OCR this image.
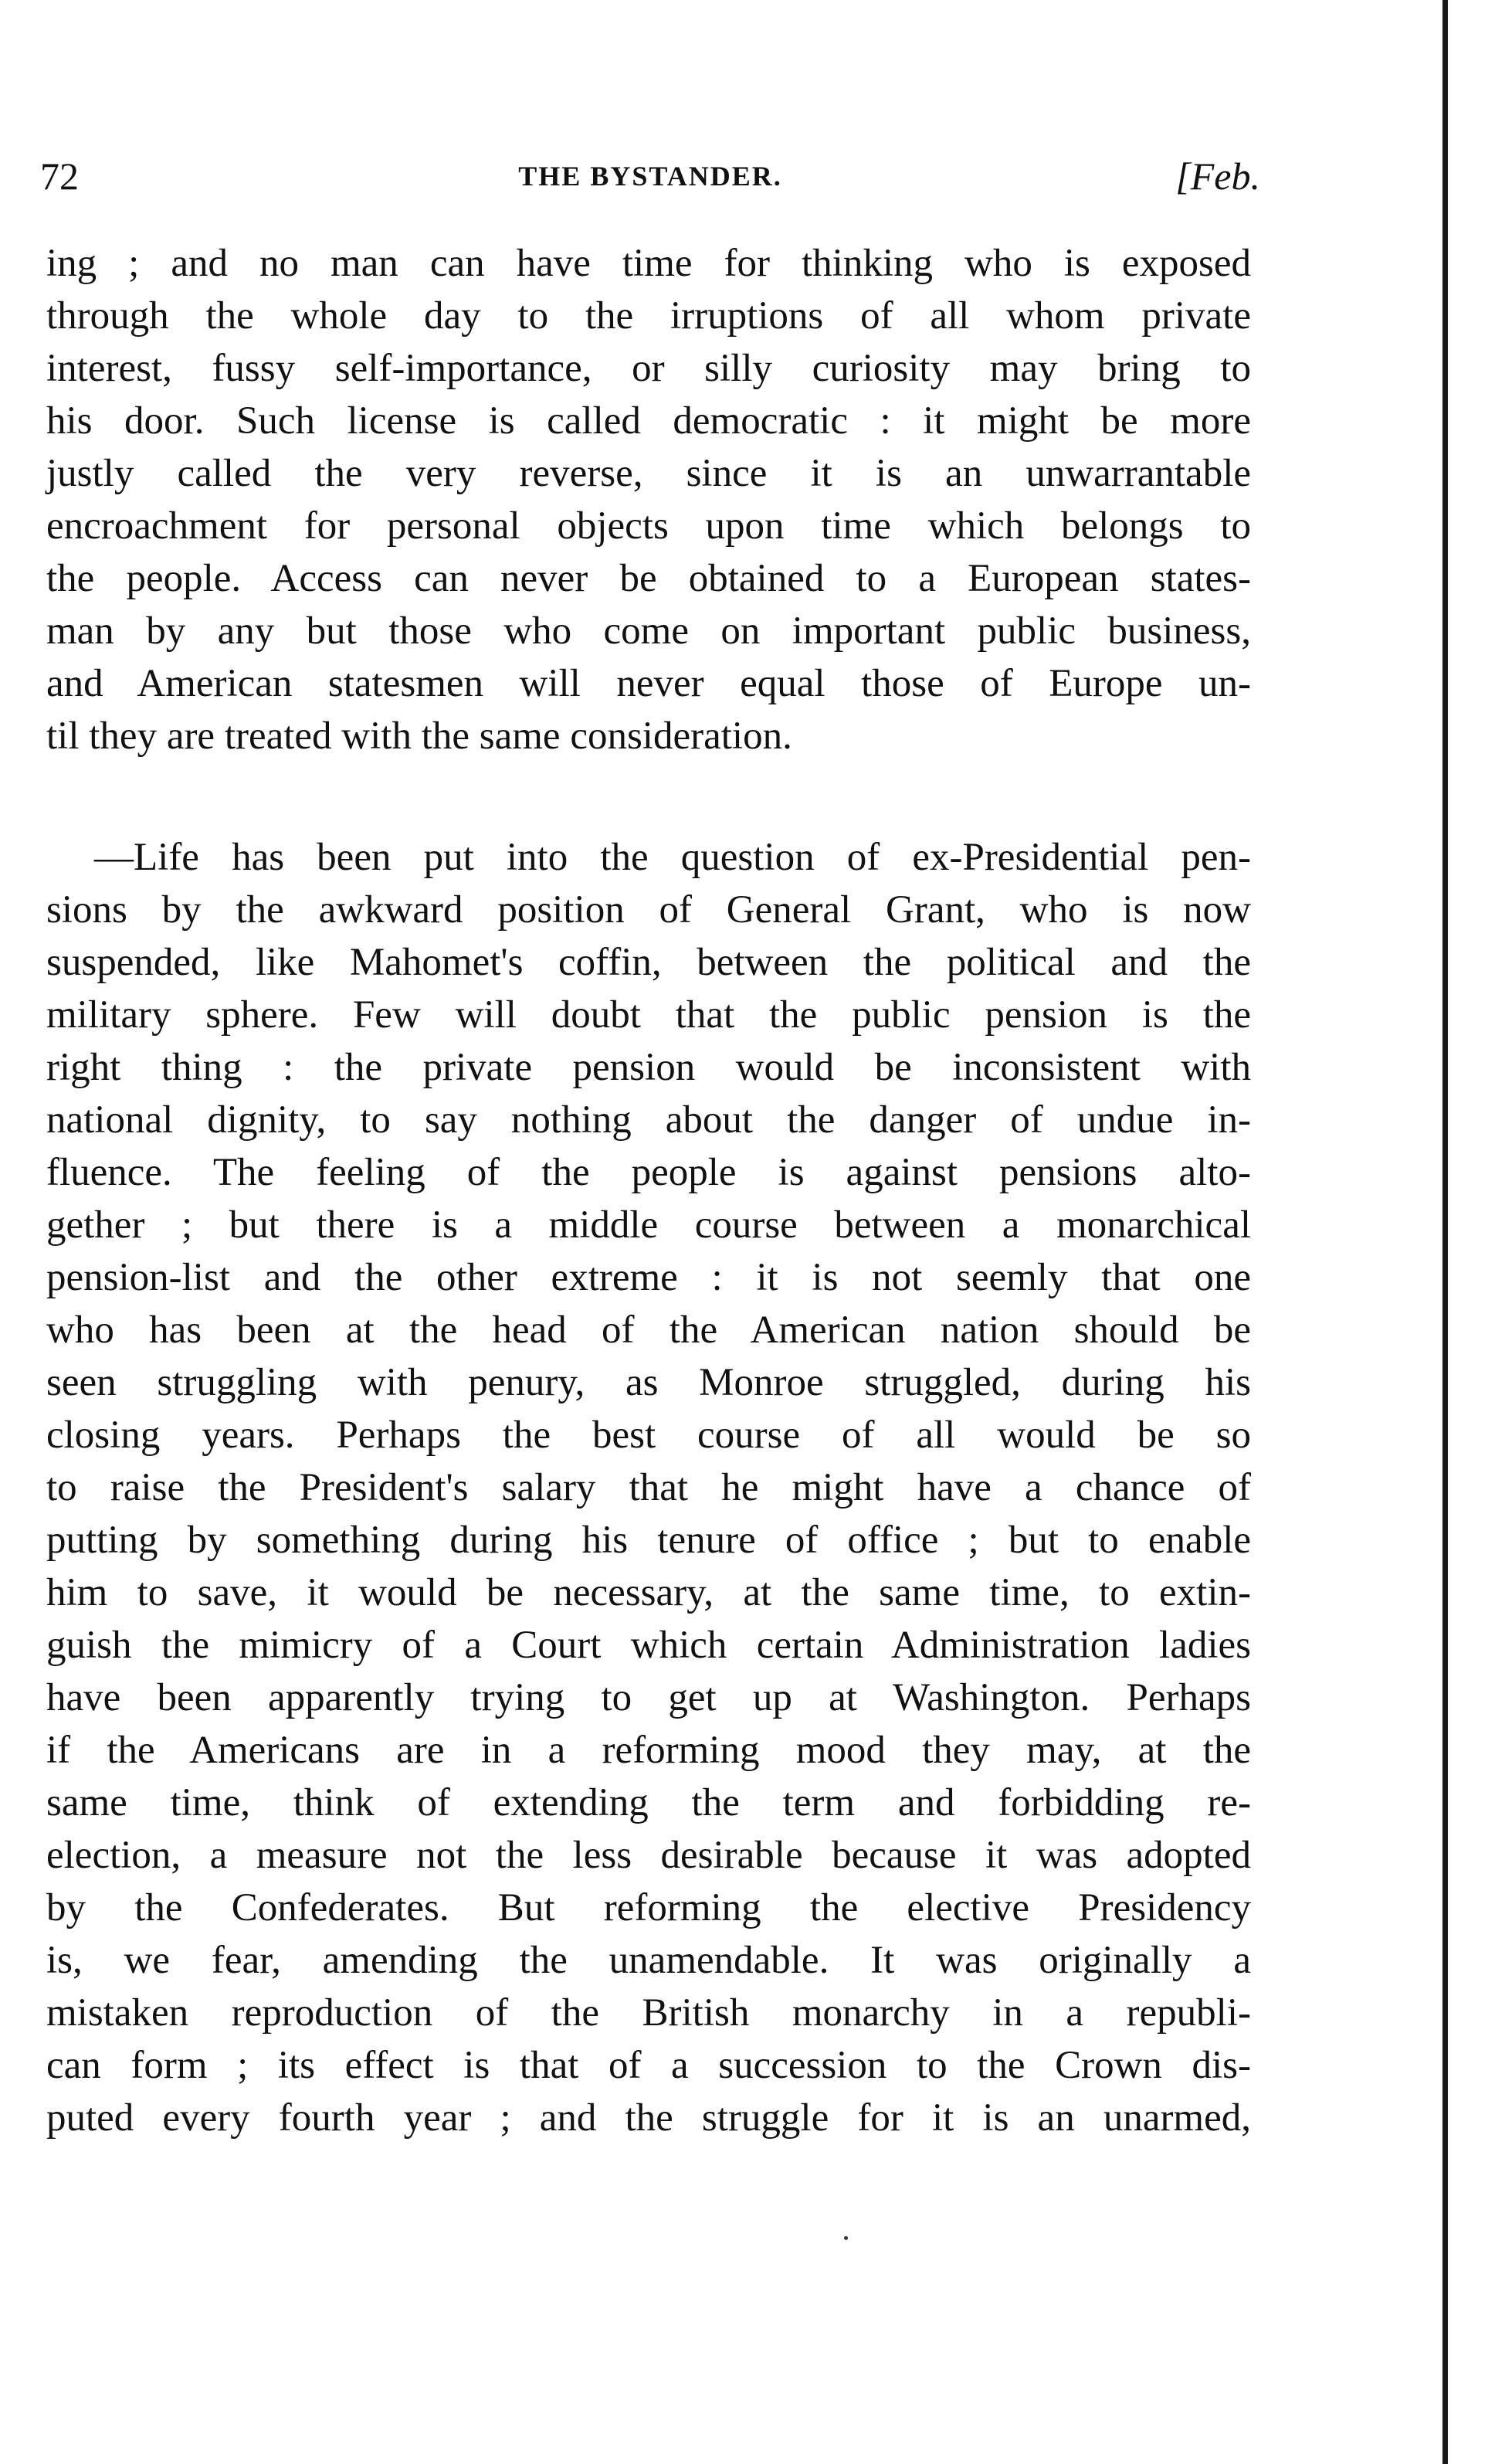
72	THE BYSTANDER.	[Feb.
ing ; and no man can have time for thinking who is exposed
through the whole day to the irruptions of all whom private
interest, fussy self-importance, or silly curiosity may bring to
his door. Such license is called democratic : it might be more
justly called the very reverse, since it is an unwarrantable
encroachment for personal objects upon time which belongs to
the people. Access can never be obtained to a European states-
man by any but those who come on important public business,
and American statesmen will never equal those of Europe un-
til they are treated with the same consideration.
—Life has been put into the question of ex-Presidential pen-
sions by the awkward position of General Grant, who is now
suspended, like Mahomet's coffin, between the political and the
military sphere. Few will doubt that the public pension is the
right thing : the private pension would be inconsistent with
national dignity, to say nothing about the danger of undue in-
fluence. The feeling of the people is against pensions alto-
gether ; but there is a middle course between a monarchical
pension-list and the other extreme : it is not seemly that one
who has been at the head of the American nation should be
seen struggling with penury, as Monroe struggled, during his
closing years. Perhaps the best course of all would be so
to raise the President's salary that he might have a chance of
putting by something during his tenure of office ; but to enable
him to save, it would be necessary, at the same time, to extin-
guish the mimicry of a Court which certain Administration ladies
have been apparently trying to get up at Washington. Perhaps
if the Americans are in a reforming mood they may, at the
same time, think of extending the term and forbidding re-
election, a measure not the less desirable because it was adopted
by the Confederates. But reforming the elective Presidency
is, we fear, amending the unamendable. It was originally a
mistaken reproduction of the British monarchy in a republi-
can form ; its effect is that of a succession to the Crown dis-
puted every fourth year ; and the struggle for it is an unarmed,
